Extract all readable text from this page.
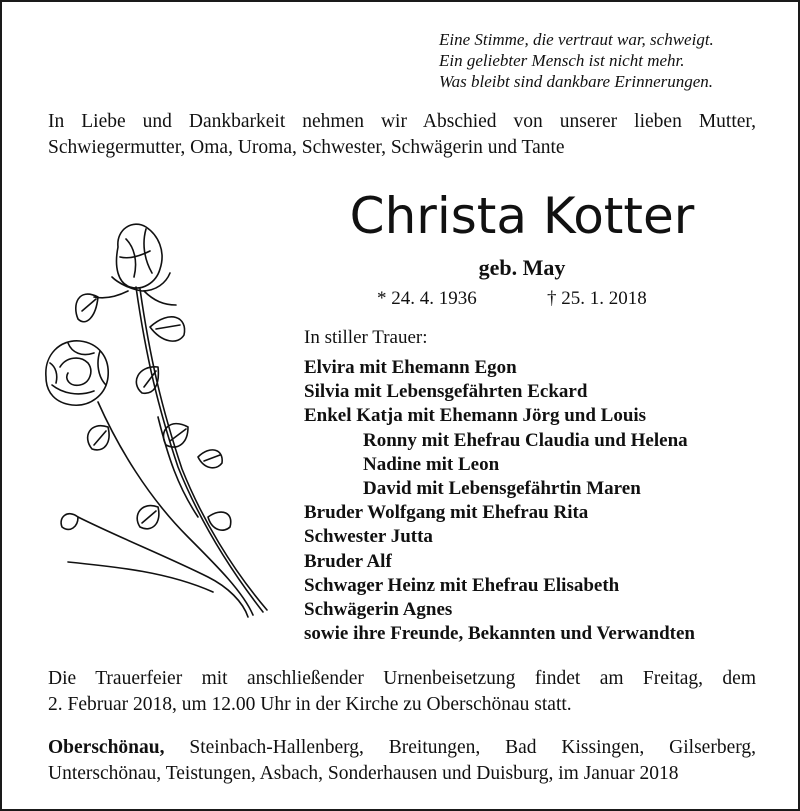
Eine Stimme, die vertraut war, schweigt.
Ein geliebter Mensch ist nicht mehr.
Was bleibt sind dankbare Erinnerungen.
In Liebe und Dankbarkeit nehmen wir Abschied von unserer lieben Mutter,
Schwiegermutter, Oma, Uroma, Schwester, Schwägerin und Tante
Christa Kotter
geb. May
* 24. 4. 1936	† 25. 1. 2018
In stiller Trauer:
Elvira mit Ehemann Egon
Silvia mit Lebensgefährten Eckard
Enkel Katja mit Ehemann Jörg und Louis
Ronny mit Ehefrau Claudia und Helena
Nadine mit Leon
David mit Lebensgefährtin Maren
Bruder Wolfgang mit Ehefrau Rita
Schwester Jutta
Bruder Alf
Schwager Heinz mit Ehefrau Elisabeth
Schwägerin Agnes
sowie ihre Freunde, Bekannten und Verwandten
Die Trauerfeier mit anschließender Urnenbeisetzung findet am Freitag, dem
2. Februar 2018, um 12.00 Uhr in der Kirche zu Oberschönau statt.
Oberschönau, Steinbach-Hallenberg, Breitungen, Bad Kissingen, Gilserberg,
Unterschönau, Teistungen, Asbach, Sonderhausen und Duisburg, im Januar 2018
